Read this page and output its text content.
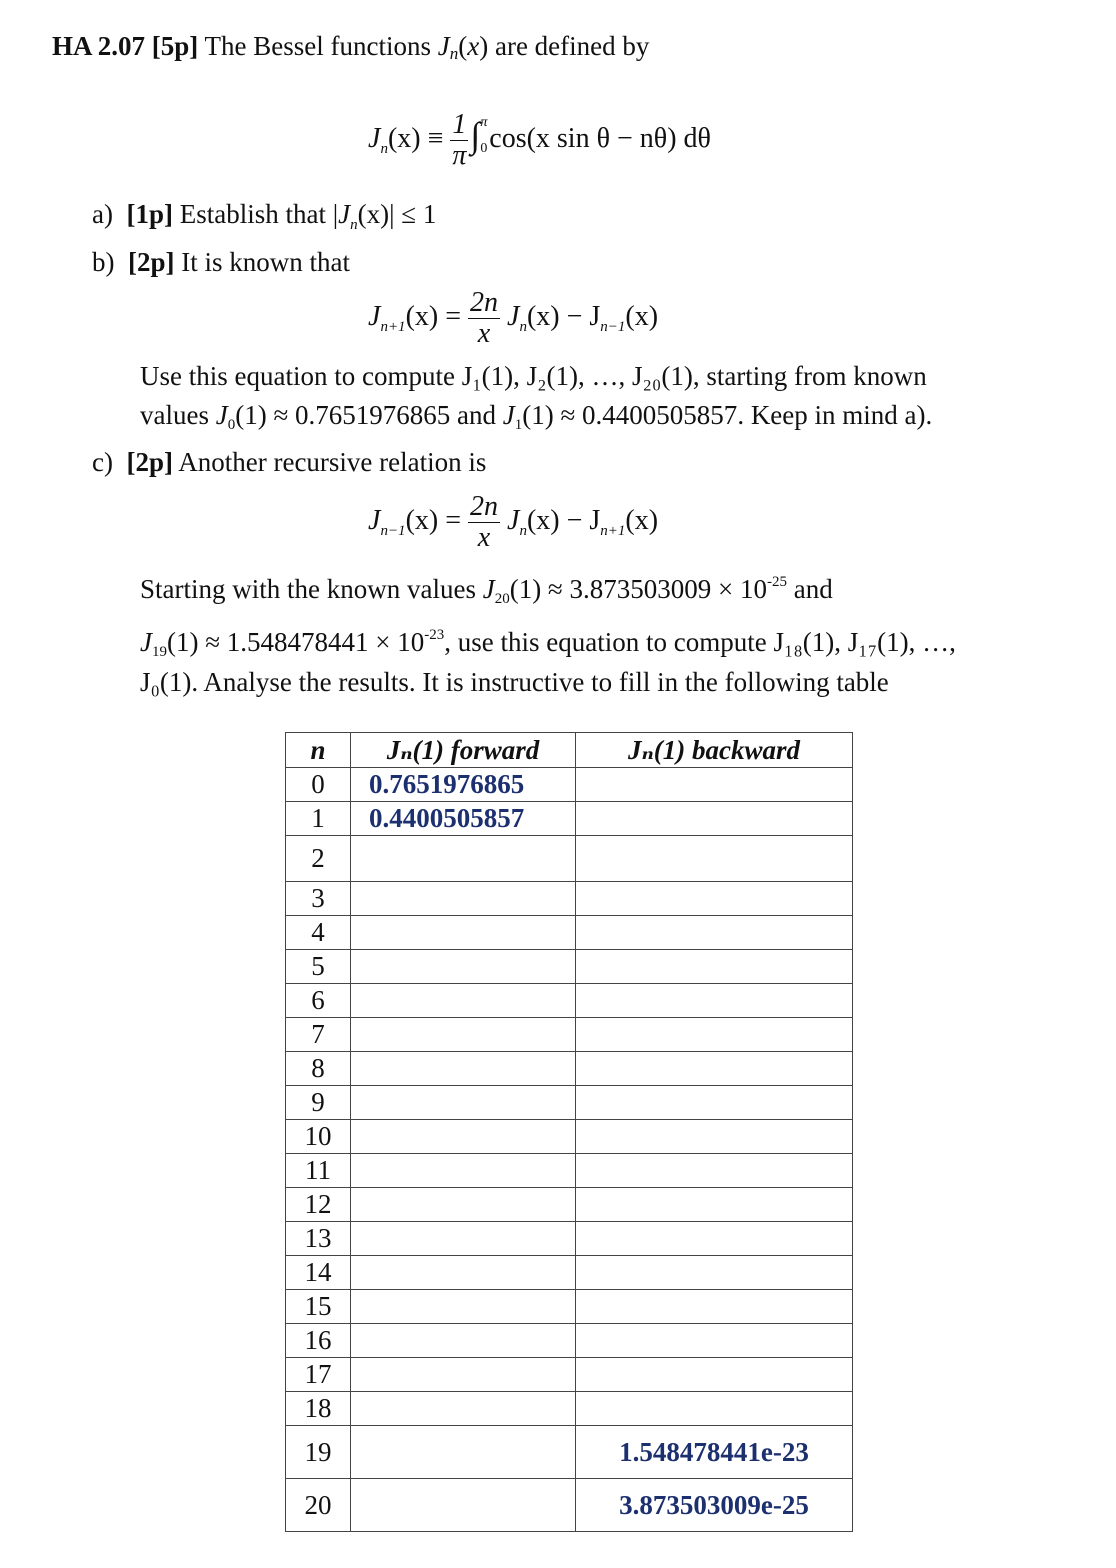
HA 2.07 [5p] The Bessel functions Jn(x) are defined by
$J_n(x) \equiv \frac{1}{\pi}$ ∫ π
0 cos(x sin θ − nθ) dθ
a) [1p] Establish that $|J_n(x)| \le 1$
b) [2p] It is known that
$J_{n+1}(x) = \frac{2n}{x} J_n(x) - J_{n-1}(x)$
Use this equation to compute J₁(1), J₂(1), …, J₂₀(1), starting from known
values J0(1) ≈ 0.7651976865 and J1(1) ≈ 0.4400505857. Keep in mind a).
c) [2p] Another recursive relation is
$J_{n-1}(x) = \frac{2n}{x} J_n(x) - J_{n+1}(x)$
Starting with the known values $J20(1) \approx 3.873503009 \times 10^{-25}$ and
$J19(1) \approx 1.548478441 \times 10^{-23}$, use this equation to compute J₁₈(1), J₁₇(1), …,
J₀(1). Analyse the results. It is instructive to fill in the following table
n	Jₙ(1) forward	Jₙ(1) backward
0	0.7651976865	
1	0.4400505857	
2		
3		
4		
5		
6		
7		
8		
9		
10		
11		
12		
13		
14		
15		
16		
17		
18		
19		1.548478441e-23
20		3.873503009e-25
